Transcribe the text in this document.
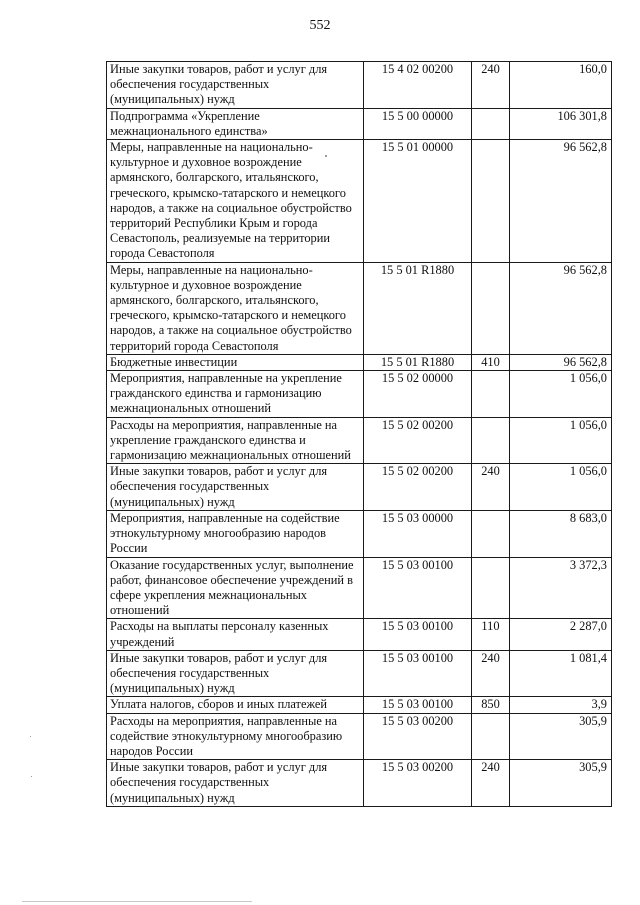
552
Иные закупки товаров, работ и услуг для обеспечения государственных (муниципальных) нужд	15 4 02 00200	240	160,0
Подпрограмма «Укрепление межнационального единства»	15 5 00 00000		106 301,8
Меры, направленные на национально-культурное и духовное возрождение армянского, болгарского, итальянского, греческого, крымско-татарского и немецкого народов, а также на социальное обустройство территорий Республики Крым и города Севастополь, реализуемые на территории города Севастополя	15 5 01 00000		96 562,8
Меры, направленные на национально-культурное и духовное возрождение армянского, болгарского, итальянского, греческого, крымско-татарского и немецкого народов, а также на социальное обустройство территорий города Севастополя	15 5 01 R1880		96 562,8
Бюджетные инвестиции	15 5 01 R1880	410	96 562,8
Мероприятия, направленные на укрепление гражданского единства и гармонизацию межнациональных отношений	15 5 02 00000		1 056,0
Расходы на мероприятия, направленные на укрепление гражданского единства и гармонизацию межнациональных отношений	15 5 02 00200		1 056,0
Иные закупки товаров, работ и услуг для обеспечения государственных (муниципальных) нужд	15 5 02 00200	240	1 056,0
Мероприятия, направленные на содействие этнокультурному многообразию народов России	15 5 03 00000		8 683,0
Оказание государственных услуг, выполнение работ, финансовое обеспечение учреждений в сфере укрепления межнациональных отношений	15 5 03 00100		3 372,3
Расходы на выплаты персоналу казенных учреждений	15 5 03 00100	110	2 287,0
Иные закупки товаров, работ и услуг для обеспечения государственных (муниципальных) нужд	15 5 03 00100	240	1 081,4
Уплата налогов, сборов и иных платежей	15 5 03 00100	850	3,9
Расходы на мероприятия, направленные на содействие этнокультурному многообразию народов России	15 5 03 00200		305,9
Иные закупки товаров, работ и услуг для обеспечения государственных (муниципальных) нужд	15 5 03 00200	240	305,9
